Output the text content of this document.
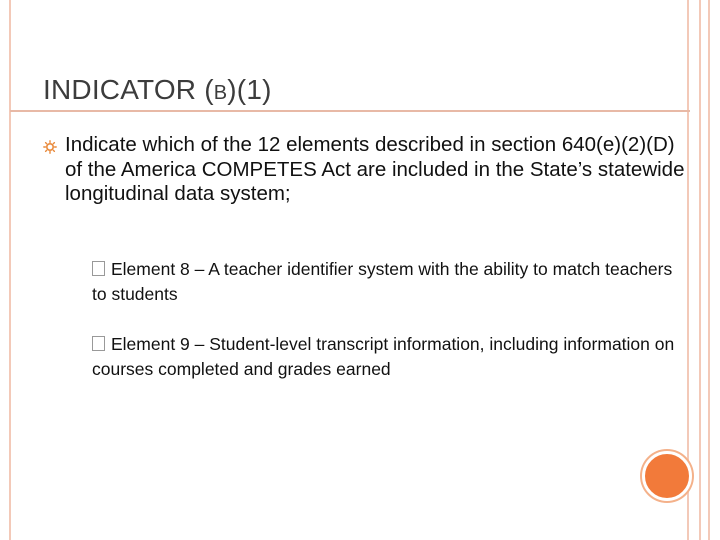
INDICATOR (B)(1)
Indicate which of the 12 elements described in section 640(e)(2)(D) of the America COMPETES Act are included in the State’s statewide longitudinal data system;
Element 8 – A teacher identifier system with the ability to match teachers to students
Element 9 – Student-level transcript information, including information on courses completed and grades earned
